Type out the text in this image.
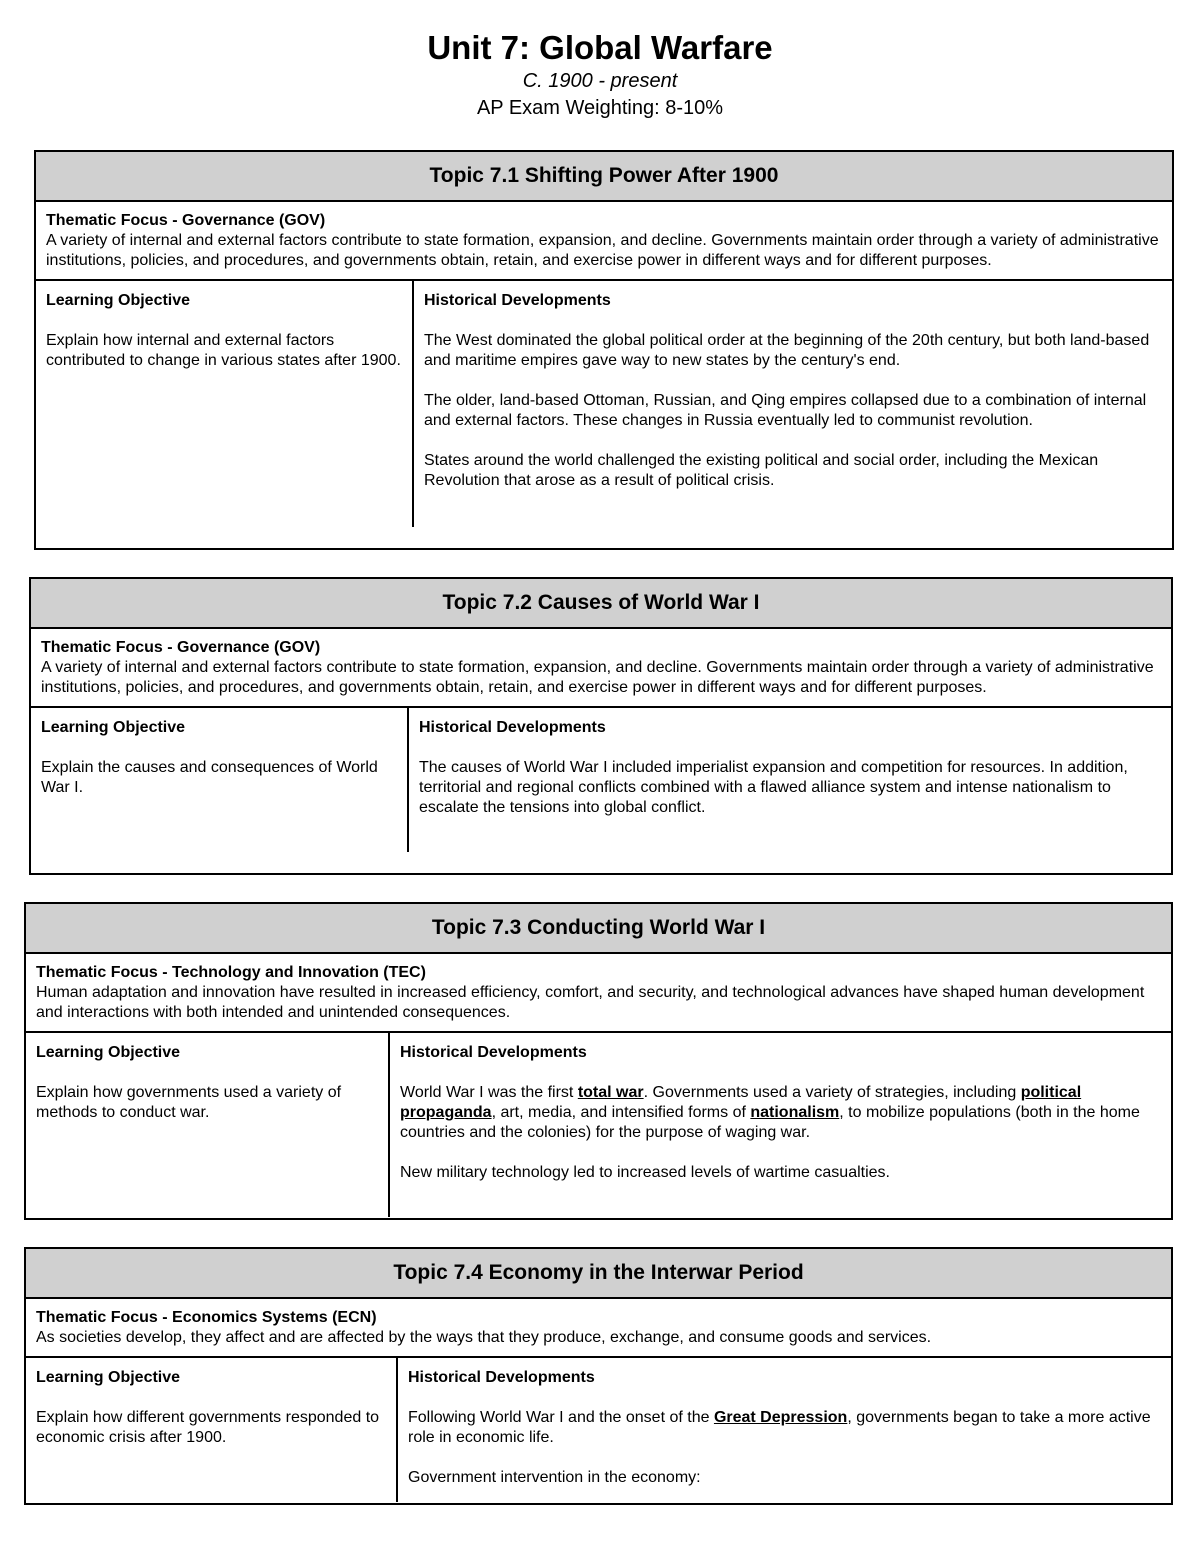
Unit 7: Global Warfare
C. 1900 - present
AP Exam Weighting: 8-10%
Topic 7.1 Shifting Power After 1900
Thematic Focus - Governance (GOV)
A variety of internal and external factors contribute to state formation, expansion, and decline. Governments maintain order through a variety of administrative institutions, policies, and procedures, and governments obtain, retain, and exercise power in different ways and for different purposes.
Learning Objective
Explain how internal and external factors contributed to change in various states after 1900.
Historical Developments
The West dominated the global political order at the beginning of the 20th century, but both land-based and maritime empires gave way to new states by the century's end.
The older, land-based Ottoman, Russian, and Qing empires collapsed due to a combination of internal and external factors. These changes in Russia eventually led to communist revolution.
States around the world challenged the existing political and social order, including the Mexican Revolution that arose as a result of political crisis.
Topic 7.2 Causes of World War I
Thematic Focus - Governance (GOV)
A variety of internal and external factors contribute to state formation, expansion, and decline. Governments maintain order through a variety of administrative institutions, policies, and procedures, and governments obtain, retain, and exercise power in different ways and for different purposes.
Learning Objective
Explain the causes and consequences of World War I.
Historical Developments
The causes of World War I included imperialist expansion and competition for resources. In addition, territorial and regional conflicts combined with a flawed alliance system and intense nationalism to escalate the tensions into global conflict.
Topic 7.3 Conducting World War I
Thematic Focus - Technology and Innovation (TEC)
Human adaptation and innovation have resulted in increased efficiency, comfort, and security, and technological advances have shaped human development and interactions with both intended and unintended consequences.
Learning Objective
Explain how governments used a variety of methods to conduct war.
Historical Developments
World War I was the first total war. Governments used a variety of strategies, including political propaganda, art, media, and intensified forms of nationalism, to mobilize populations (both in the home countries and the colonies) for the purpose of waging war.
New military technology led to increased levels of wartime casualties.
Topic 7.4 Economy in the Interwar Period
Thematic Focus - Economics Systems (ECN)
As societies develop, they affect and are affected by the ways that they produce, exchange, and consume goods and services.
Learning Objective
Explain how different governments responded to economic crisis after 1900.
Historical Developments
Following World War I and the onset of the Great Depression, governments began to take a more active role in economic life.
Government intervention in the economy:
